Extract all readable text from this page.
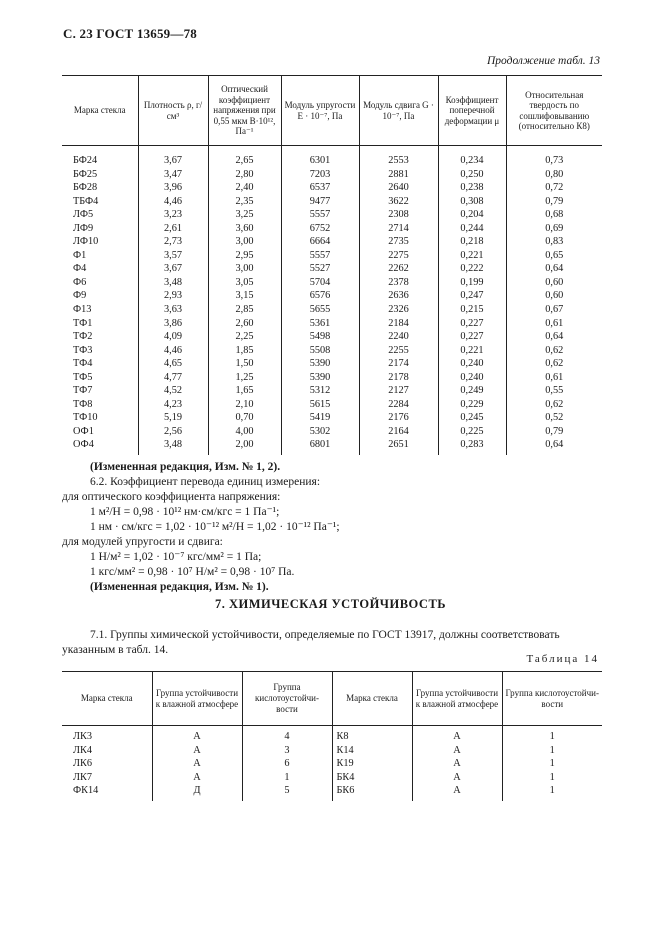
С. 23 ГОСТ 13659—78
Продолжение табл. 13
Марка стекла	Плотность ρ, г/см³	Оптический коэффициент напряжения при 0,55 мкм В·10¹², Па⁻¹	Модуль упругости E · 10⁻⁷, Па	Модуль сдвига G · 10⁻⁷, Па	Коэффициент поперечной деформации μ	Относительная твердость по сошлифовыванию (относительно К8)
БФ24	3,67	2,65	6301	2553	0,234	0,73
БФ25	3,47	2,80	7203	2881	0,250	0,80
БФ28	3,96	2,40	6537	2640	0,238	0,72
ТБФ4	4,46	2,35	9477	3622	0,308	0,79
ЛФ5	3,23	3,25	5557	2308	0,204	0,68
ЛФ9	2,61	3,60	6752	2714	0,244	0,69
ЛФ10	2,73	3,00	6664	2735	0,218	0,83
Ф1	3,57	2,95	5557	2275	0,221	0,65
Ф4	3,67	3,00	5527	2262	0,222	0,64
Ф6	3,48	3,05	5704	2378	0,199	0,60
Ф9	2,93	3,15	6576	2636	0,247	0,60
Ф13	3,63	2,85	5655	2326	0,215	0,67
ТФ1	3,86	2,60	5361	2184	0,227	0,61
ТФ2	4,09	2,25	5498	2240	0,227	0,64
ТФ3	4,46	1,85	5508	2255	0,221	0,62
ТФ4	4,65	1,50	5390	2174	0,240	0,62
ТФ5	4,77	1,25	5390	2178	0,240	0,61
ТФ7	4,52	1,65	5312	2127	0,249	0,55
ТФ8	4,23	2,10	5615	2284	0,229	0,62
ТФ10	5,19	0,70	5419	2176	0,245	0,52
ОФ1	2,56	4,00	5302	2164	0,225	0,79
ОФ4	3,48	2,00	6801	2651	0,283	0,64
(Измененная редакция, Изм. № 1, 2).
6.2. Коэффициент перевода единиц измерения:
для оптического коэффициента напряжения:
1 м²/Н = 0,98 · 10¹² нм·см/кгс = 1 Па⁻¹;
1 нм · см/кгс = 1,02 · 10⁻¹² м²/Н = 1,02 · 10⁻¹² Па⁻¹;
для модулей упругости и сдвига:
1 Н/м² = 1,02 · 10⁻⁷ кгс/мм² = 1 Па;
1 кгс/мм² = 0,98 · 10⁷ Н/м² = 0,98 · 10⁷ Па.
(Измененная редакция, Изм. № 1).
7. ХИМИЧЕСКАЯ УСТОЙЧИВОСТЬ
7.1. Группы химической устойчивости, определяемые по ГОСТ 13917, должны соответствовать
указанным в табл. 14.
Таблица 14
Марка стекла	Группа устойчивости к влажной атмосфере	Группа кислотоустойчи-вости	Марка стекла	Группа устойчивости к влажной атмосфере	Группа кислотоустойчи-вости
ЛК3	А	4	К8	А	1
ЛК4	А	3	К14	А	1
ЛК6	А	6	К19	А	1
ЛК7	А	1	БК4	А	1
ФК14	Д	5	БК6	А	1
